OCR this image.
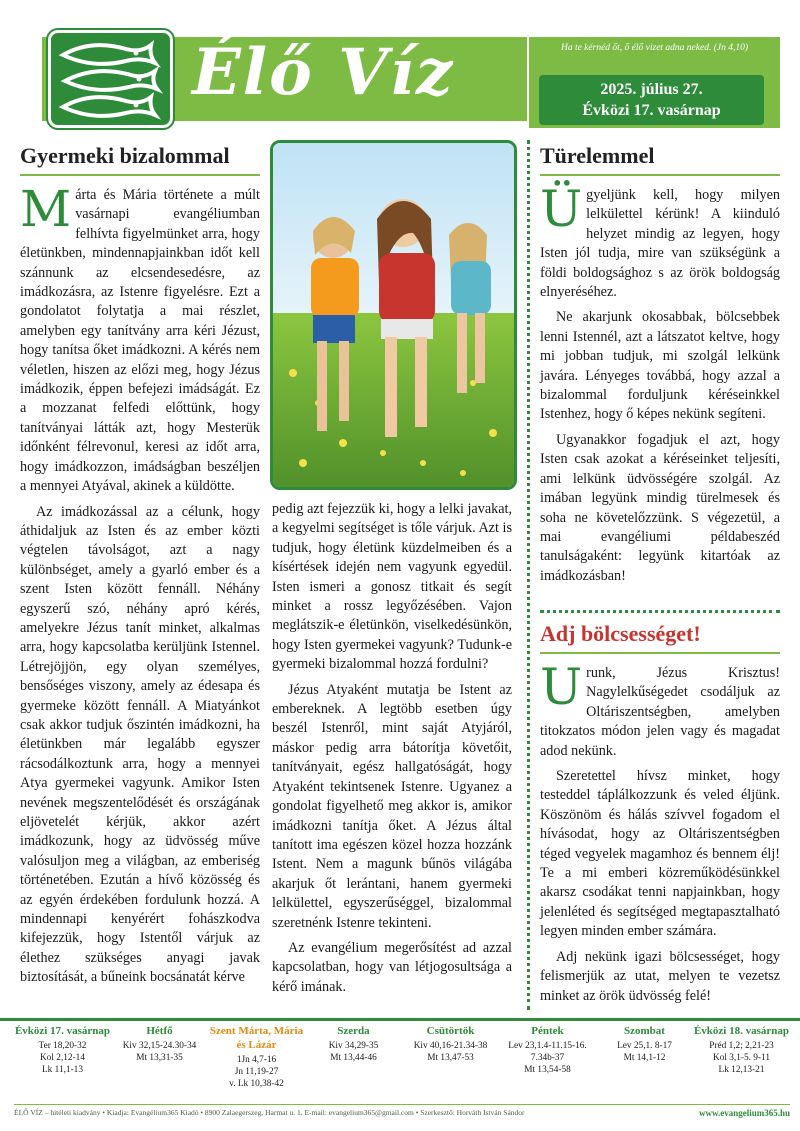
Élő Víz	Ha te kérnéd őt, ő élő vizet adna neked. (Jn 4,10)
2025. július 27.
Évközi 17. vasárnap
Gyermeki bizalommal

Márta és Mária története a múlt vasárnapi evangéliumban felhívta figyelmünket arra, hogy életünkben, mindennapjainkban időt kell szánnunk az elcsendesedésre, az imádkozásra, az Istenre figyelésre. Ezt a gondolatot folytatja a mai részlet, amelyben egy tanítvány arra kéri Jézust, hogy tanítsa őket imádkozni. A kérés nem véletlen, hiszen az előzi meg, hogy Jézus imádkozik, éppen befejezi imádságát. Ez a mozzanat felfedi előttünk, hogy tanítványai látták azt, hogy Mesterük időnként félrevonul, keresi az időt arra, hogy imádkozzon, imádságban beszéljen a mennyei Atyával, akinek a küldötte.

Az imádkozással az a célunk, hogy áthidaljuk az Isten és az ember közti végtelen távolságot, azt a nagy különbséget, amely a gyarló ember és a szent Isten között fennáll. Néhány egyszerű szó, néhány apró kérés, amelyekre Jézus tanít minket, alkalmas arra, hogy kapcsolatba kerüljünk Istennel. Létrejöjjön, egy olyan személyes, bensőséges viszony, amely az édesapa és gyermeke között fennáll. A Miatyánkot csak akkor tudjuk őszintén imádkozni, ha életünkben már legalább egyszer rácsodálkoztunk arra, hogy a mennyei Atya gyermekei vagyunk. Amikor Isten nevének megszentelődését és országának eljövetelét kérjük, akkor azért imádkozunk, hogy az üdvösség műve valósuljon meg a világban, az emberiség történetében. Ezután a hívő közösség és az egyén érdekében fordulunk hozzá. A mindennapi kenyérért fohászkodva kifejezzük, hogy Istentől várjuk az élethez szükséges anyagi javak biztosítását, a bűneink bocsánatát kérve

pedig azt fejezzük ki, hogy a lelki javakat, a kegyelmi segítséget is tőle várjuk. Azt is tudjuk, hogy életünk küzdelmeiben és a kísértések idején nem vagyunk egyedül. Isten ismeri a gonosz titkait és segít minket a rossz legyőzésében. Vajon meglátszik-e életünkön, viselkedésünkön, hogy Isten gyermekei vagyunk? Tudunk-e gyermeki bizalommal hozzá fordulni?

Jézus Atyaként mutatja be Istent az embereknek. A legtöbb esetben úgy beszél Istenről, mint saját Atyjáról, máskor pedig arra bátorítja követőit, tanítványait, egész hallgatóságát, hogy Atyaként tekintsenek Istenre. Ugyanez a gondolat figyelhető meg akkor is, amikor imádkozni tanítja őket. A Jézus által tanított ima egészen közel hozza hozzánk Istent. Nem a magunk bűnös világába akarjuk őt lerántani, hanem gyermeki lelkülettel, egyszerűséggel, bizalommal szeretnénk Istenre tekinteni.

Az evangélium megerősítést ad azzal kapcsolatban, hogy van létjogosultsága a kérő imának.

Türelemmel

Ügyeljünk kell, hogy milyen lelkülettel kérünk! A kiinduló helyzet mindig az legyen, hogy Isten jól tudja, mire van szükségünk a földi boldogsághoz s az örök boldogság elnyeréséhez.

Ne akarjunk okosabbak, bölcsebbek lenni Istennél, azt a látszatot keltve, hogy mi jobban tudjuk, mi szolgál lelkünk javára. Lényeges továbbá, hogy azzal a bizalommal forduljunk kéréseinkkel Istenhez, hogy ő képes nekünk segíteni.

Ugyanakkor fogadjuk el azt, hogy Isten csak azokat a kéréseinket teljesíti, ami lelkünk üdvösségére szolgál. Az imában legyünk mindig türelmesek és soha ne követelőzzünk. S végezetül, a mai evangéliumi példabeszéd tanulságaként: legyünk kitartóak az imádkozásban!

Adj bölcsességet!

Urunk, Jézus Krisztus! Nagylelkűségedet csodáljuk az Oltáriszentségben, amelyben titokzatos módon jelen vagy és magadat adod nekünk.

Szeretettel hívsz minket, hogy testeddel táplálkozzunk és veled éljünk. Köszönöm és hálás szívvel fogadom el hívásodat, hogy az Oltáriszentségben téged vegyelek magamhoz és bennem élj! Te a mi emberi közreműködésünkkel akarsz csodákat tenni napjainkban, hogy jelenléted és segítséged megtapasztalható legyen minden ember számára.

Adj nekünk igazi bölcsességet, hogy felismerjük az utat, melyen te vezetsz minket az örök üdvösség felé!

Évközi 17. vasárnap
Ter 18,20-32
Kol 2,12-14
Lk 11,1-13
Hétfő
Kiv 32,15-24.30-34
Mt 13,31-35
Szent Márta, Mária és Lázár
1Jn 4,7-16
Jn 11,19-27
v. Lk 10,38-42
Szerda
Kiv 34,29-35
Mt 13,44-46
Csütörtök
Kiv 40,16-21.34-38
Mt 13,47-53
Péntek
Lev 23,1.4-11.15-16.
7.34b-37
Mt 13,54-58
Szombat
Lev 25,1. 8-17
Mt 14,1-12
Évközi 18. vasárnap
Préd 1,2; 2,21-23
Kol 3,1-5. 9-11
Lk 12,13-21
ÉLŐ VÍZ – hitéleti kiadvány • Kiadja: Evangélium365 Kiadó • 8900 Zalaegerszeg, Harmat u. 1. E-mail: evangelium365@gmail.com • Szerkesztő: Horváth István Sándor	www.evangelium365.hu
